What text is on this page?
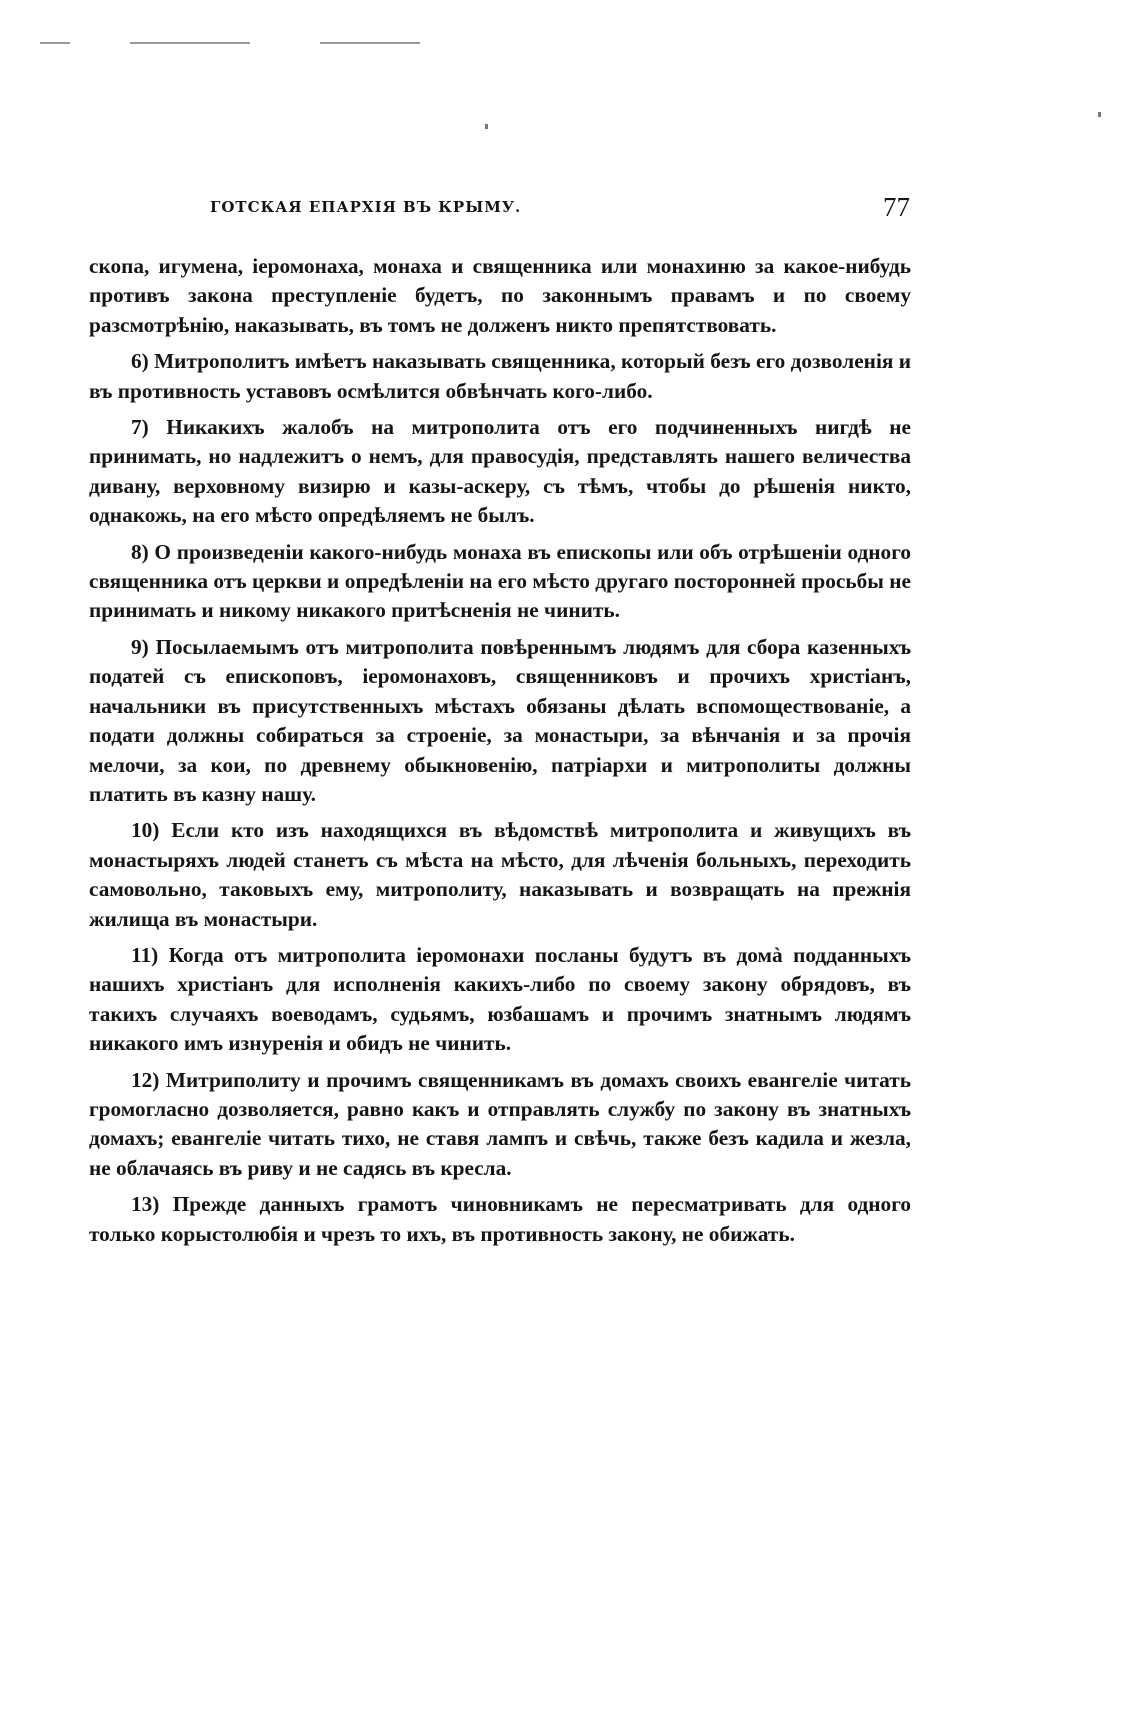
ГОТСКАЯ ЕПАРХІЯ ВЪ КРЫМУ.	77

скопа, игумена, іеромонаха, монаха и священника или монахиню за какое-нибудь противъ закона преступленіе будетъ, по законнымъ правамъ и по своему разсмотрѣнію, наказывать, въ томъ не долженъ никто препятствовать.

6) Митрополитъ имѣетъ наказывать священника, который безъ его дозволенія и въ противность уставовъ осмѣлится обвѣнчать кого-либо.

7) Никакихъ жалобъ на митрополита отъ его подчиненныхъ нигдѣ не принимать, но надлежитъ о немъ, для правосудія, представлять нашего величества дивану, верховному визирю и казы-аскеру, съ тѣмъ, чтобы до рѣшенія никто, однакожь, на его мѣсто опредѣляемъ не былъ.

8) О произведеніи какого-нибудь монаха въ епископы или объ отрѣшеніи одного священника отъ церкви и опредѣленіи на его мѣсто другаго посторонней просьбы не принимать и никому никакого притѣсненія не чинить.

9) Посылаемымъ отъ митрополита повѣреннымъ людямъ для сбора казенныхъ податей съ епископовъ, іеромонаховъ, священниковъ и прочихъ христіанъ, начальники въ присутственныхъ мѣстахъ обязаны дѣлать вспомоществованіе, а подати должны собираться за строеніе, за монастыри, за вѣнчанія и за прочія мелочи, за кои, по древнему обыкновенію, патріархи и митрополиты должны платить въ казну нашу.

10) Если кто изъ находящихся въ вѣдомствѣ митрополита и живущихъ въ монастыряхъ людей станетъ съ мѣста на мѣсто, для лѣченія больныхъ, переходить самовольно, таковыхъ ему, митрополиту, наказывать и возвращать на прежнія жилища въ монастыри.

11) Когда отъ митрополита іеромонахи посланы будутъ въ домà подданныхъ нашихъ христіанъ для исполненія какихъ-либо по своему закону обрядовъ, въ такихъ случаяхъ воеводамъ, судьямъ, юзбашамъ и прочимъ знатнымъ людямъ никакого имъ изнуренія и обидъ не чинить.

12) Митриполиту и прочимъ священникамъ въ домахъ своихъ евангеліе читать громогласно дозволяется, равно какъ и отправлять службу по закону въ знатныхъ домахъ; евангеліе читать тихо, не ставя лампъ и свѣчь, также безъ кадила и жезла, не облачаясь въ риву и не садясь въ кресла.

13) Прежде данныхъ грамотъ чиновникамъ не пересматривать для одного только корыстолюбія и чрезъ то ихъ, въ противность закону, не обижать.
